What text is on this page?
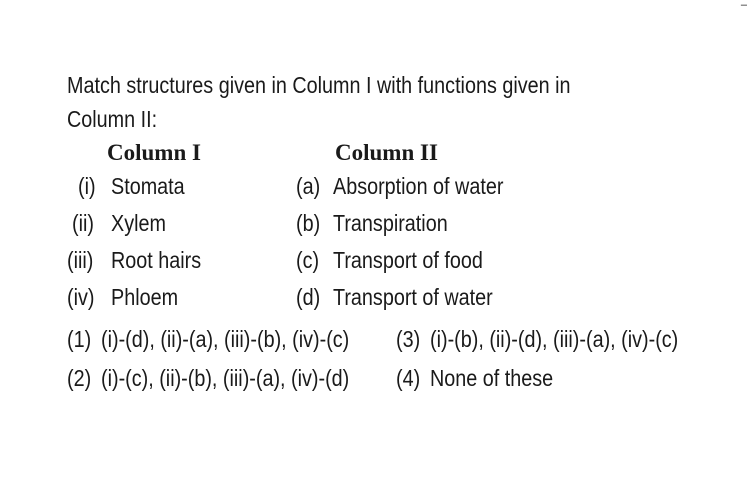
–
Match structures given in Column I with functions given in
Column II:
Column I	Column II
(i) Stomata
(ii) Xylem
(iii) Root hairs
(iv) Phloem
(a) Absorption of water
(b) Transpiration
(c) Transport of food
(d) Transport of water
(1) (i)-(d), (ii)-(a), (iii)-(b), (iv)-(c) (3) (i)-(b), (ii)-(d), (iii)-(a), (iv)-(c)
(2) (i)-(c), (ii)-(b), (iii)-(a), (iv)-(d) (4) None of these
